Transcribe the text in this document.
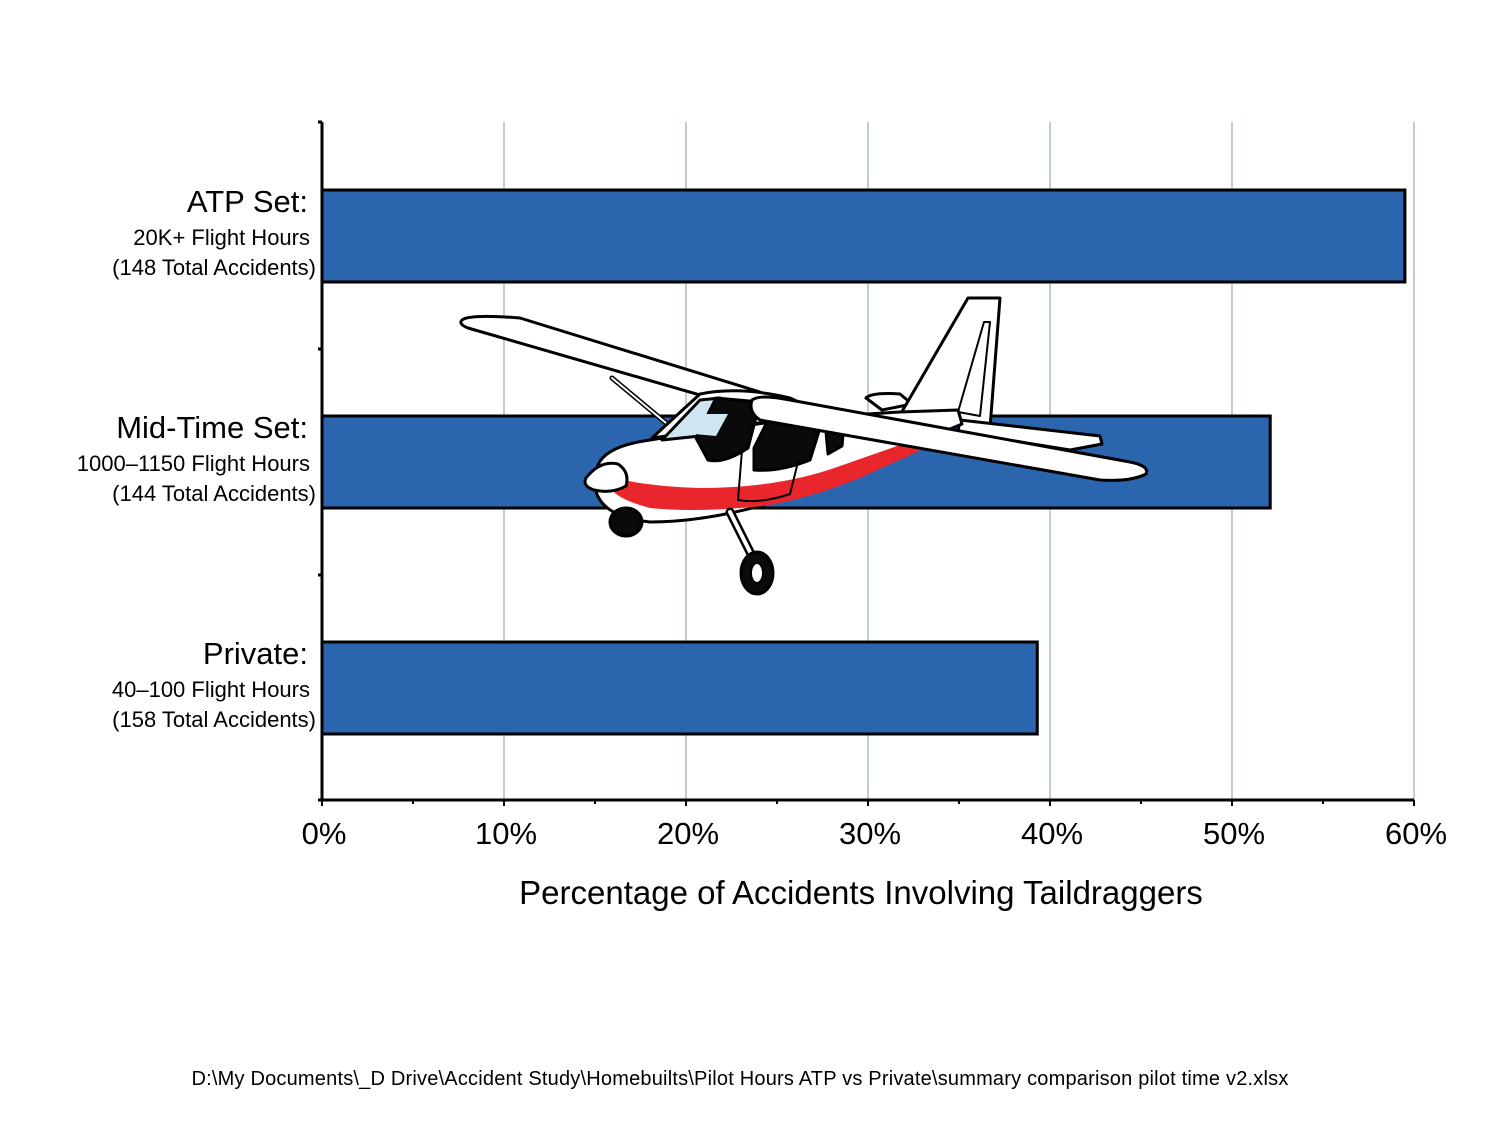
0%	10%	20%	30%	40%	50%	60%
ATP Set:
20K+ Flight Hours
(148 Total Accidents)
Mid-Time Set:
1000–1150 Flight Hours
(144 Total Accidents)
Private:
40–100 Flight Hours
(158 Total Accidents)
Percentage of Accidents Involving Taildraggers
D:\My Documents\_D Drive\Accident Study\Homebuilts\Pilot Hours ATP vs Private\summary comparison pilot time v2.xlsx
